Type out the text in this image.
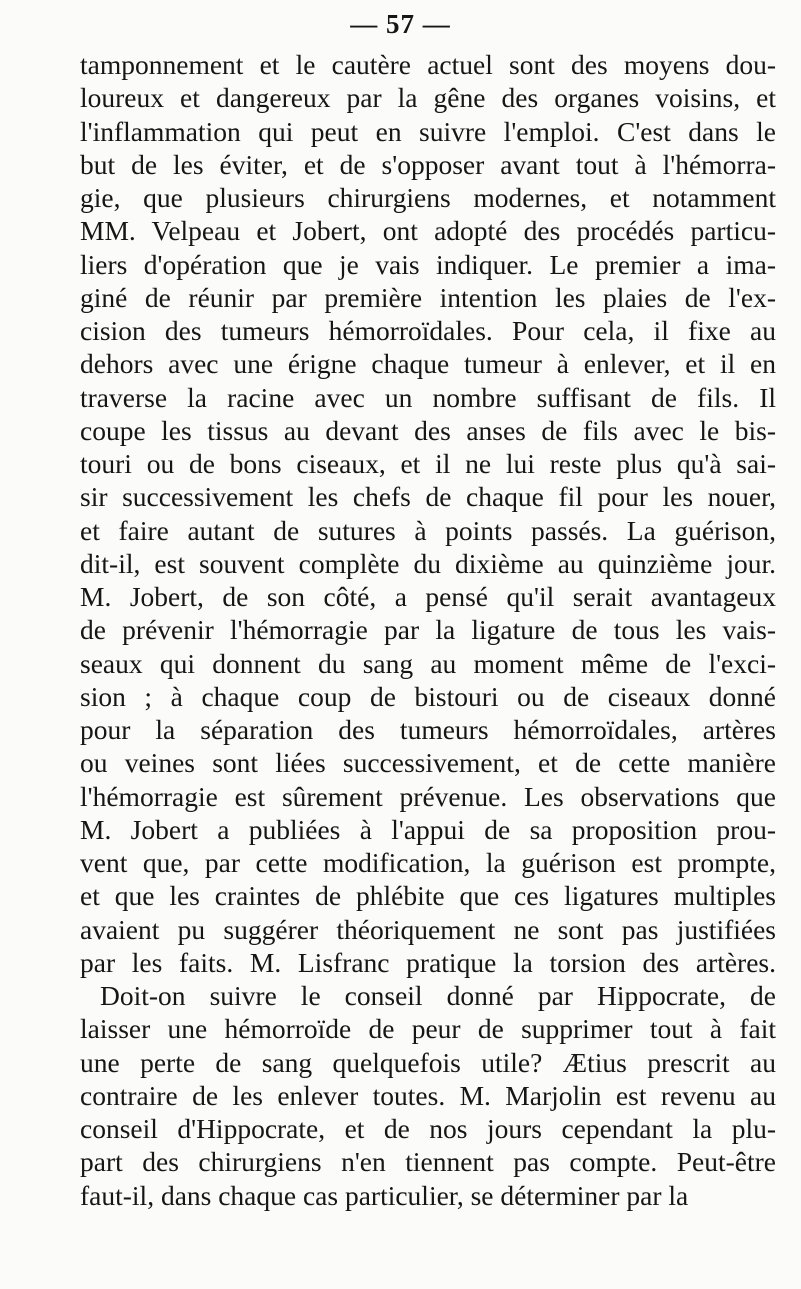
— 57 —
tamponnement et le cautère actuel sont des moyens dou-
loureux et dangereux par la gêne des organes voisins, et
l'inflammation qui peut en suivre l'emploi. C'est dans le
but de les éviter, et de s'opposer avant tout à l'hémorra-
gie, que plusieurs chirurgiens modernes, et notamment
MM. Velpeau et Jobert, ont adopté des procédés particu-
liers d'opération que je vais indiquer. Le premier a ima-
giné de réunir par première intention les plaies de l'ex-
cision des tumeurs hémorroïdales. Pour cela, il fixe au
dehors avec une érigne chaque tumeur à enlever, et il en
traverse la racine avec un nombre suffisant de fils. Il
coupe les tissus au devant des anses de fils avec le bis-
touri ou de bons ciseaux, et il ne lui reste plus qu'à sai-
sir successivement les chefs de chaque fil pour les nouer,
et faire autant de sutures à points passés. La guérison,
dit-il, est souvent complète du dixième au quinzième jour.
M. Jobert, de son côté, a pensé qu'il serait avantageux
de prévenir l'hémorragie par la ligature de tous les vais-
seaux qui donnent du sang au moment même de l'exci-
sion ; à chaque coup de bistouri ou de ciseaux donné
pour la séparation des tumeurs hémorroïdales, artères
ou veines sont liées successivement, et de cette manière
l'hémorragie est sûrement prévenue. Les observations que
M. Jobert a publiées à l'appui de sa proposition prou-
vent que, par cette modification, la guérison est prompte,
et que les craintes de phlébite que ces ligatures multiples
avaient pu suggérer théoriquement ne sont pas justifiées
par les faits. M. Lisfranc pratique la torsion des artères.
Doit-on suivre le conseil donné par Hippocrate, de
laisser une hémorroïde de peur de supprimer tout à fait
une perte de sang quelquefois utile? Ætius prescrit au
contraire de les enlever toutes. M. Marjolin est revenu au
conseil d'Hippocrate, et de nos jours cependant la plu-
part des chirurgiens n'en tiennent pas compte. Peut-être
faut-il, dans chaque cas particulier, se déterminer par la
